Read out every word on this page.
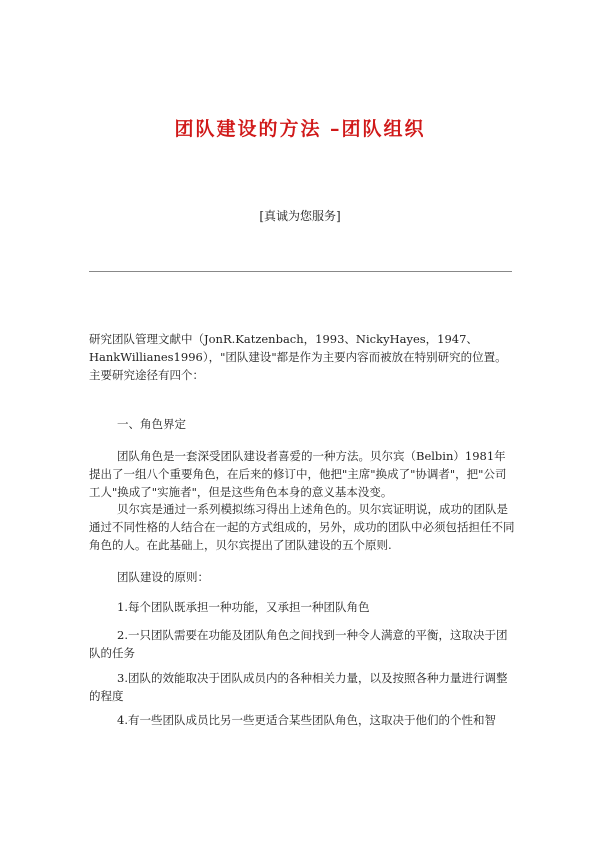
团队建设的方法 –团队组织
[真诚为您服务]
研究团队管理文献中（JonR.Katzenbach，1993、NickyHayes，1947、HankWillianes1996），"团队建设"都是作为主要内容而被放在特别研究的位置。主要研究途径有四个：
一、角色界定
团队角色是一套深受团队建设者喜爱的一种方法。贝尔宾（Belbin）1981年提出了一组八个重要角色，在后来的修订中，他把"主席"换成了"协调者"，把"公司工人"换成了"实施者"，但是这些角色本身的意义基本没变。
贝尔宾是通过一系列模拟练习得出上述角色的。贝尔宾证明说，成功的团队是通过不同性格的人结合在一起的方式组成的，另外，成功的团队中必须包括担任不同角色的人。在此基础上，贝尔宾提出了团队建设的五个原则.
团队建设的原则：
1.每个团队既承担一种功能，又承担一种团队角色
2.一只团队需要在功能及团队角色之间找到一种令人满意的平衡，这取决于团队的任务
3.团队的效能取决于团队成员内的各种相关力量，以及按照各种力量进行调整的程度
4.有一些团队成员比另一些更适合某些团队角色，这取决于他们的个性和智
